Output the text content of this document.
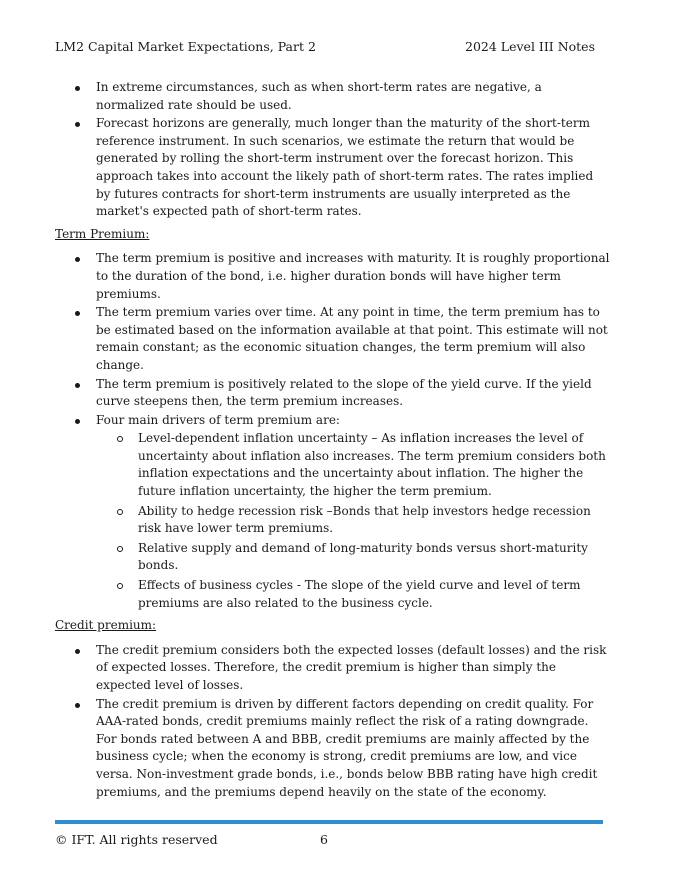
LM2 Capital Market Expectations, Part 2	2024 Level III Notes
In extreme circumstances, such as when short-term rates are negative, a normalized rate should be used.
Forecast horizons are generally, much longer than the maturity of the short-term reference instrument. In such scenarios, we estimate the return that would be generated by rolling the short-term instrument over the forecast horizon. This approach takes into account the likely path of short-term rates. The rates implied by futures contracts for short-term instruments are usually interpreted as the market's expected path of short-term rates.
Term Premium:
The term premium is positive and increases with maturity. It is roughly proportional to the duration of the bond, i.e. higher duration bonds will have higher term premiums.
The term premium varies over time. At any point in time, the term premium has to be estimated based on the information available at that point. This estimate will not remain constant; as the economic situation changes, the term premium will also change.
The term premium is positively related to the slope of the yield curve. If the yield curve steepens then, the term premium increases.
Four main drivers of term premium are:
Level-dependent inflation uncertainty – As inflation increases the level of uncertainty about inflation also increases. The term premium considers both inflation expectations and the uncertainty about inflation. The higher the future inflation uncertainty, the higher the term premium.
Ability to hedge recession risk –Bonds that help investors hedge recession risk have lower term premiums.
Relative supply and demand of long-maturity bonds versus short-maturity bonds.
Effects of business cycles - The slope of the yield curve and level of term premiums are also related to the business cycle.
Credit premium:
The credit premium considers both the expected losses (default losses) and the risk of expected losses. Therefore, the credit premium is higher than simply the expected level of losses.
The credit premium is driven by different factors depending on credit quality. For AAA-rated bonds, credit premiums mainly reflect the risk of a rating downgrade. For bonds rated between A and BBB, credit premiums are mainly affected by the business cycle; when the economy is strong, credit premiums are low, and vice versa. Non-investment grade bonds, i.e., bonds below BBB rating have high credit premiums, and the premiums depend heavily on the state of the economy.
© IFT. All rights reserved	6
